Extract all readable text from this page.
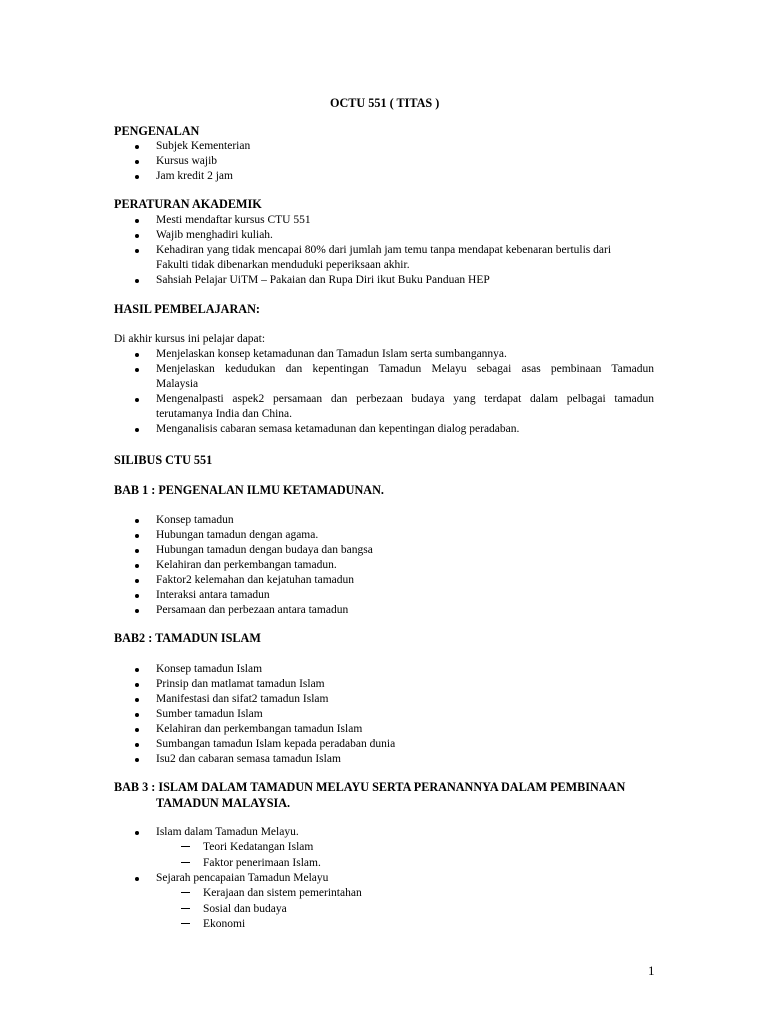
OCTU 551 ( TITAS )
PENGENALAN
Subjek Kementerian
Kursus wajib
Jam kredit 2 jam
PERATURAN AKADEMIK
Mesti mendaftar kursus CTU 551
Wajib menghadiri kuliah.
Kehadiran yang tidak mencapai 80% dari jumlah jam temu tanpa mendapat kebenaran bertulis dari
Fakulti tidak dibenarkan menduduki peperiksaan akhir.
Sahsiah Pelajar UiTM – Pakaian dan Rupa Diri ikut Buku Panduan HEP
HASIL PEMBELAJARAN:
Di akhir kursus ini pelajar dapat:
Menjelaskan konsep ketamadunan dan Tamadun Islam serta sumbangannya.
Menjelaskan kedudukan dan kepentingan Tamadun Melayu sebagai asas pembinaan Tamadun
Malaysia
Mengenalpasti aspek2 persamaan dan perbezaan budaya yang terdapat dalam pelbagai tamadun
terutamanya India dan China.
Menganalisis cabaran semasa ketamadunan dan kepentingan dialog peradaban.
SILIBUS CTU 551
BAB 1 : PENGENALAN ILMU KETAMADUNAN.
Konsep tamadun
Hubungan tamadun dengan agama.
Hubungan tamadun dengan budaya dan bangsa
Kelahiran dan perkembangan tamadun.
Faktor2 kelemahan dan kejatuhan tamadun
Interaksi antara tamadun
Persamaan dan perbezaan antara tamadun
BAB2 : TAMADUN ISLAM
Konsep tamadun Islam
Prinsip dan matlamat tamadun Islam
Manifestasi dan sifat2 tamadun Islam
Sumber tamadun Islam
Kelahiran dan perkembangan tamadun Islam
Sumbangan tamadun Islam kepada peradaban dunia
Isu2 dan cabaran semasa tamadun Islam
BAB 3 : ISLAM DALAM TAMADUN MELAYU SERTA PERANANNYA DALAM PEMBINAAN
TAMADUN MALAYSIA.
Islam dalam Tamadun Melayu.
Teori Kedatangan Islam
Faktor penerimaan Islam.
Sejarah pencapaian Tamadun Melayu
Kerajaan dan sistem pemerintahan
Sosial dan budaya
Ekonomi
1
